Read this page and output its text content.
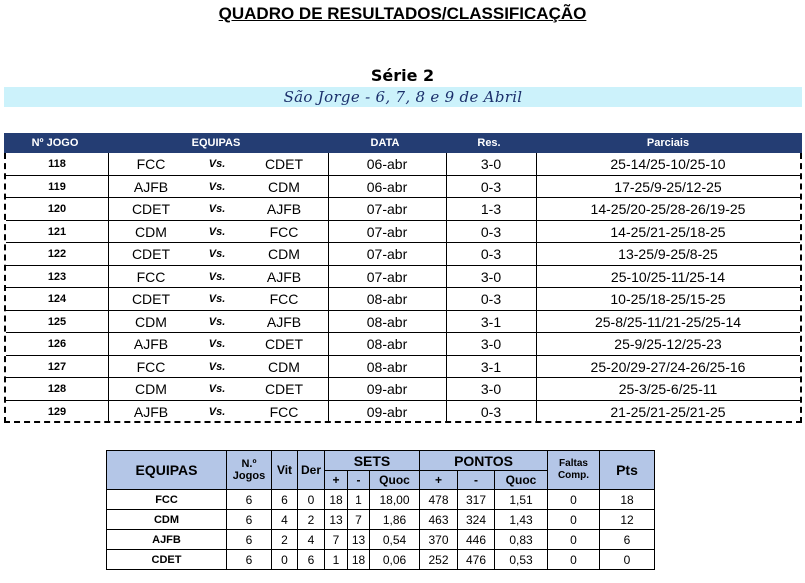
QUADRO DE RESULTADOS/CLASSIFICAÇÃO
Série 2
São Jorge - 6, 7, 8 e 9 de Abril
Nº JOGO	EQUIPAS	DATA	Res.	Parciais
118	FCC	Vs.	CDET	06-abr	3-0	25-14/25-10/25-10
119	AJFB	Vs.	CDM	06-abr	0-3	17-25/9-25/12-25
120	CDET	Vs.	AJFB	07-abr	1-3	14-25/20-25/28-26/19-25
121	CDM	Vs.	FCC	07-abr	0-3	14-25/21-25/18-25
122	CDET	Vs.	CDM	07-abr	0-3	13-25/9-25/8-25
123	FCC	Vs.	AJFB	07-abr	3-0	25-10/25-11/25-14
124	CDET	Vs.	FCC	08-abr	0-3	10-25/18-25/15-25
125	CDM	Vs.	AJFB	08-abr	3-1	25-8/25-11/21-25/25-14
126	AJFB	Vs.	CDET	08-abr	3-0	25-9/25-12/25-23
127	FCC	Vs.	CDM	08-abr	3-1	25-20/29-27/24-26/25-16
128	CDM	Vs.	CDET	09-abr	3-0	25-3/25-6/25-11
129	AJFB	Vs.	FCC	09-abr	0-3	21-25/21-25/21-25
EQUIPAS	N.º
Jogos	Vit	Der	SETS			PONTOS			Faltas
Comp.	Pts
				+	-	Quoc	+	-	Quoc		
FCC	6	6	0	18	1	18,00	478	317	1,51	0	18
CDM	6	4	2	13	7	1,86	463	324	1,43	0	12
AJFB	6	2	4	7	13	0,54	370	446	0,83	0	6
CDET	6	0	6	1	18	0,06	252	476	0,53	0	0
